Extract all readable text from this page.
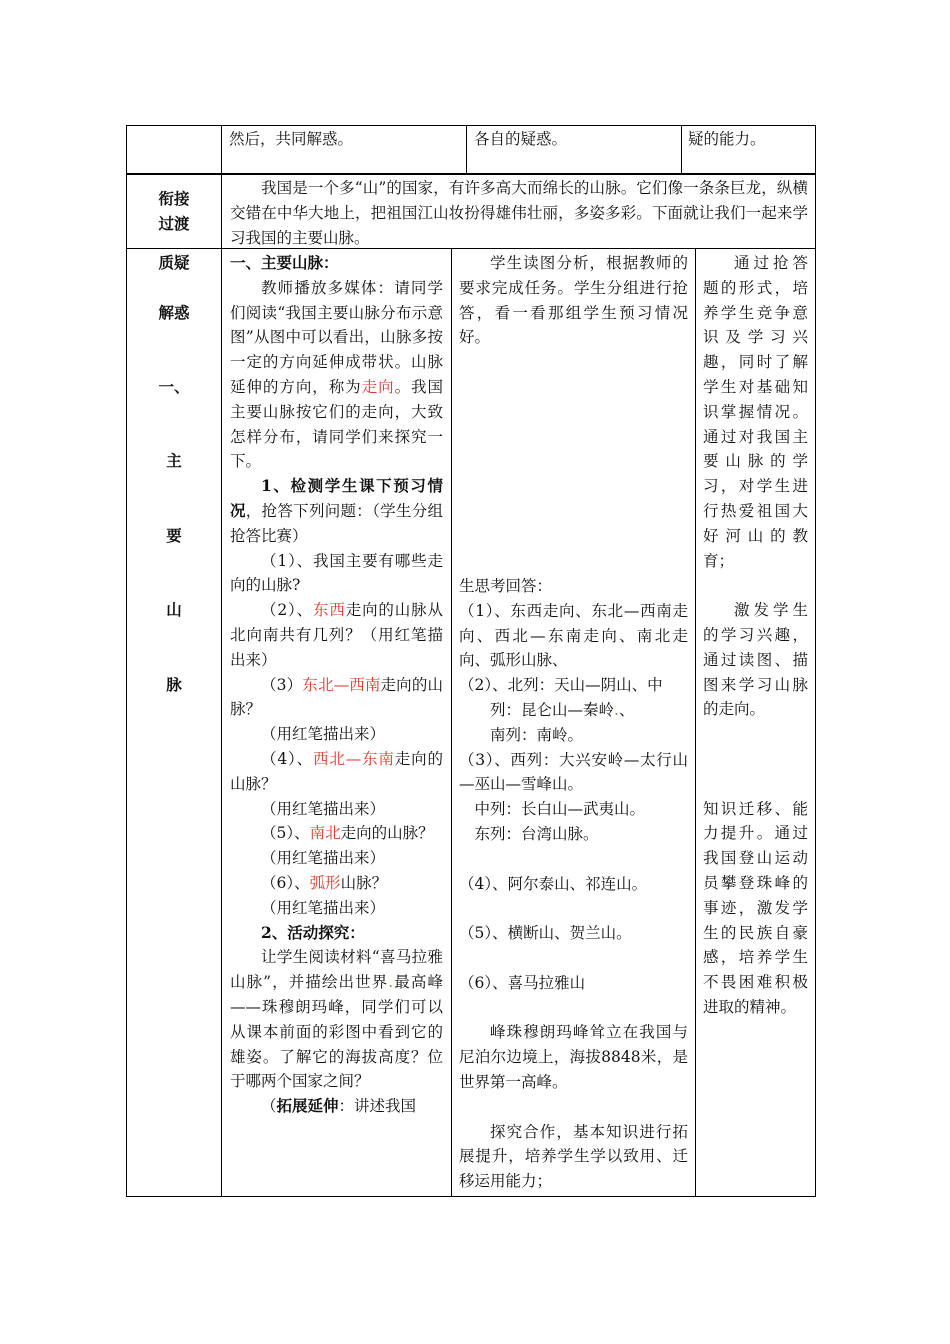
然后，共同解惑。	各自的疑惑。	疑的能力。

衔接

过渡

我国是一个多“山”的国家，有许多高大而绵长的山脉。它们像一条条巨龙，纵横交错在中华大地上，把祖国江山妆扮得雄伟壮丽，多姿多彩。下面就让我们一起来学习我国的主要山脉。

质疑

解惑

一、

主

要

山

脉

一、主要山脉：

教师播放多媒体：请同学们阅读“我国主要山脉分布示意图”从图中可以看出，山脉多按一定的方向延伸成带状。山脉延伸的方向，称为走向。我国主要山脉按它们的走向，大致怎样分布，请同学们来探究一下。

1、检测学生课下预习情况，抢答下列问题：（学生分组抢答比赛）

（1）、我国主要有哪些走向的山脉?

（2）、东西走向的山脉从北向南共有几列？（用红笔描出来）

（3）东北—西南走向的山脉？

（用红笔描出来）

（4）、西北—东南走向的山脉？

（用红笔描出来）

（5）、南北走向的山脉？

（用红笔描出来）

（6）、弧形山脉？

（用红笔描出来）

2、活动探究：

让学生阅读材料“喜马拉雅山脉”，并描绘出世界.最高峰——珠穆朗玛峰，同学们可以从课本前面的彩图中看到它的雄姿。了解它的海拔高度？位于哪两个国家之间？

（拓展延伸：讲述我国

学生读图分析，根据教师的要求完成任务。学生分组进行抢答，看一看那组学生预习情况好。

生思考回答：

（1）、东西走向、东北—西南走向、西北—东南走向、南北走向、弧形山脉、

（2）、北列：天山—阴山、中

列：昆仑山—秦岭.、

南列：南岭。

（3）、西列：大兴安岭—太行山—巫山—雪峰山。

中列：长白山—武夷山。

东列：台湾山脉。

（4）、阿尔泰山、祁连山。

（5）、横断山、贺兰山。

（6）、喜马拉雅山

峰珠穆朗玛峰耸立在我国与尼泊尔边境上，海拔8848米，是世界第一高峰。

探究合作，基本知识进行拓展提升，培养学生学以致用、迁移运用能力；

通过抢答题的形式，培养学生竞争意识及学习兴趣，同时了解学生对基础知识掌握情况。通过对我国主要山脉的学习，对学生进行热爱祖国大好河山的教育；

激发学生的学习兴趣，通过读图、描图来学习山脉的走向。

知识迁移、能力提升。通过我国登山运动员攀登珠峰的事迹，激发学生的民族自豪感，培养学生不畏困难积极进取的精神。
